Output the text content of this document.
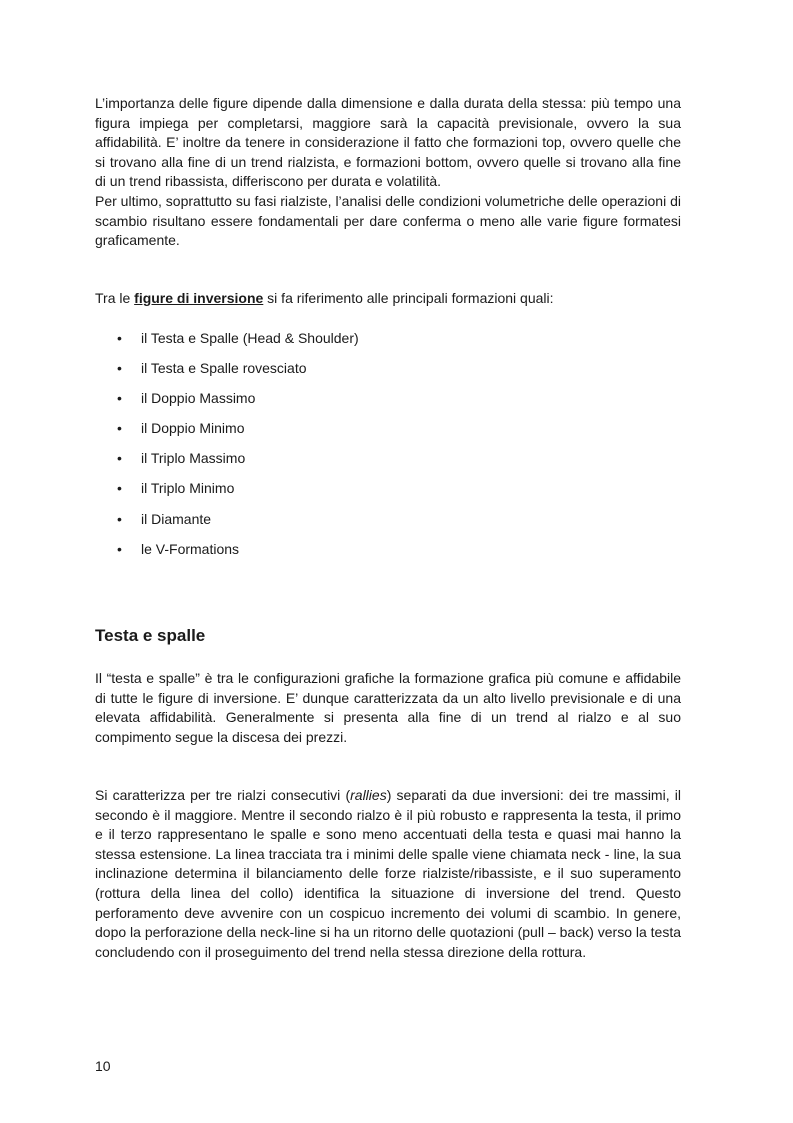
L’importanza delle figure dipende dalla dimensione e dalla durata della stessa: più tempo una figura impiega per completarsi, maggiore sarà la capacità previsionale, ovvero la sua affidabilità. E’ inoltre da tenere in considerazione il fatto che formazioni top, ovvero quelle che si trovano alla fine di un trend rialzista, e formazioni bottom, ovvero quelle si trovano alla fine di un trend ribassista, differiscono per durata e volatilità.

Per ultimo, soprattutto su fasi rialziste, l’analisi delle condizioni volumetriche delle operazioni di scambio risultano essere fondamentali per dare conferma o meno alle varie figure formatesi graficamente.

Tra le figure di inversione si fa riferimento alle principali formazioni quali:

• il Testa e Spalle (Head & Shoulder)
• il Testa e Spalle rovesciato
• il Doppio Massimo
• il Doppio Minimo
• il Triplo Massimo
• il Triplo Minimo
• il Diamante
• le V-Formations
Testa e spalle

Il “testa e spalle” è tra le configurazioni grafiche la formazione grafica più comune e affidabile di tutte le figure di inversione. E’ dunque caratterizzata da un alto livello previsionale e di una elevata affidabilità. Generalmente si presenta alla fine di un trend al rialzo e al suo compimento segue la discesa dei prezzi.

Si caratterizza per tre rialzi consecutivi (rallies) separati da due inversioni: dei tre massimi, il secondo è il maggiore. Mentre il secondo rialzo è il più robusto e rappresenta la testa, il primo e il terzo rappresentano le spalle e sono meno accentuati della testa e quasi mai hanno la stessa estensione. La linea tracciata tra i minimi delle spalle viene chiamata neck - line, la sua inclinazione determina il bilanciamento delle forze rialziste/ribassiste, e il suo superamento (rottura della linea del collo) identifica la situazione di inversione del trend. Questo perforamento deve avvenire con un cospicuo incremento dei volumi di scambio. In genere, dopo la perforazione della neck-line si ha un ritorno delle quotazioni (pull – back) verso la testa concludendo con il proseguimento del trend nella stessa direzione della rottura.

10
